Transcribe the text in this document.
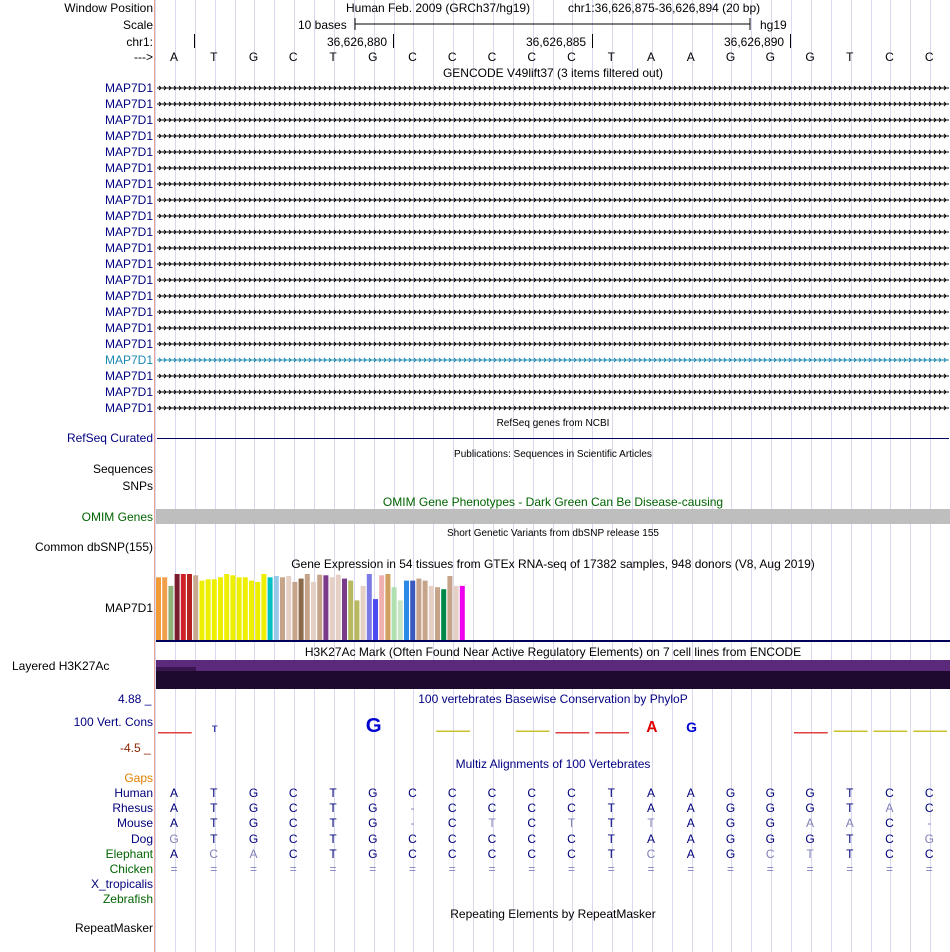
Window Position	Human Feb. 2009 (GRCh37/hg19)	chr1:36,626,875-36,626,894 (20 bp)
Scale	10 bases	hg19
chr1:	36,626,880	36,626,885	36,626,890
--->	A	T	G	C	T	G	C	C	C	C	C	T	A	A	G	G	G	T	C	C
GENCODE V49lift37 (3 items filtered out)
MAP7D1
MAP7D1
MAP7D1
MAP7D1
MAP7D1
MAP7D1
MAP7D1
MAP7D1
MAP7D1
MAP7D1
MAP7D1
MAP7D1
MAP7D1
MAP7D1
MAP7D1
MAP7D1
MAP7D1
MAP7D1
MAP7D1
MAP7D1
MAP7D1
RefSeq genes from NCBI
RefSeq Curated
Publications: Sequences in Scientific Articles
Sequences
SNPs
OMIM Gene Phenotypes - Dark Green Can Be Disease-causing
OMIM Genes
Short Genetic Variants from dbSNP release 155
Common dbSNP(155)
Gene Expression in 54 tissues from GTEx RNA-seq of 17382 samples, 948 donors (V8, Aug 2019)
MAP7D1
H3K27Ac Mark (Often Found Near Active Regulatory Elements) on 7 cell lines from ENCODE
Layered H3K27Ac
4.88 _	100 vertebrates Basewise Conservation by PhyloP
100 Vert. Cons
-4.5 _
T	G	A G
Multiz Alignments of 100 Vertebrates
Gaps
Human	A	T	G	C	T	G	C	C	C	C	C	T	A	A	G	G	G	T	C	C
Rhesus	A	T	G	C	T	G	-	C	C	C	C	T	A	A	G	G	G	T	A	C
Mouse	A	T	G	C	T	G	-	C	T	C	T	T	T	A	G	G	A	A	C	-
Dog	G	T	G	C	T	G	C	C	C	C	C	T	A	A	G	G	G	T	C	G
Elephant	A	C	A	C	T	G	C	C	C	C	C	T	C	A	G	C	T	T	C	C
Chicken	=	=	=	=	=	=	=	=	=	=	=	=	=	=	=	=	=	=	=	=
X_tropicalis
Zebrafish
Repeating Elements by RepeatMasker
RepeatMasker
